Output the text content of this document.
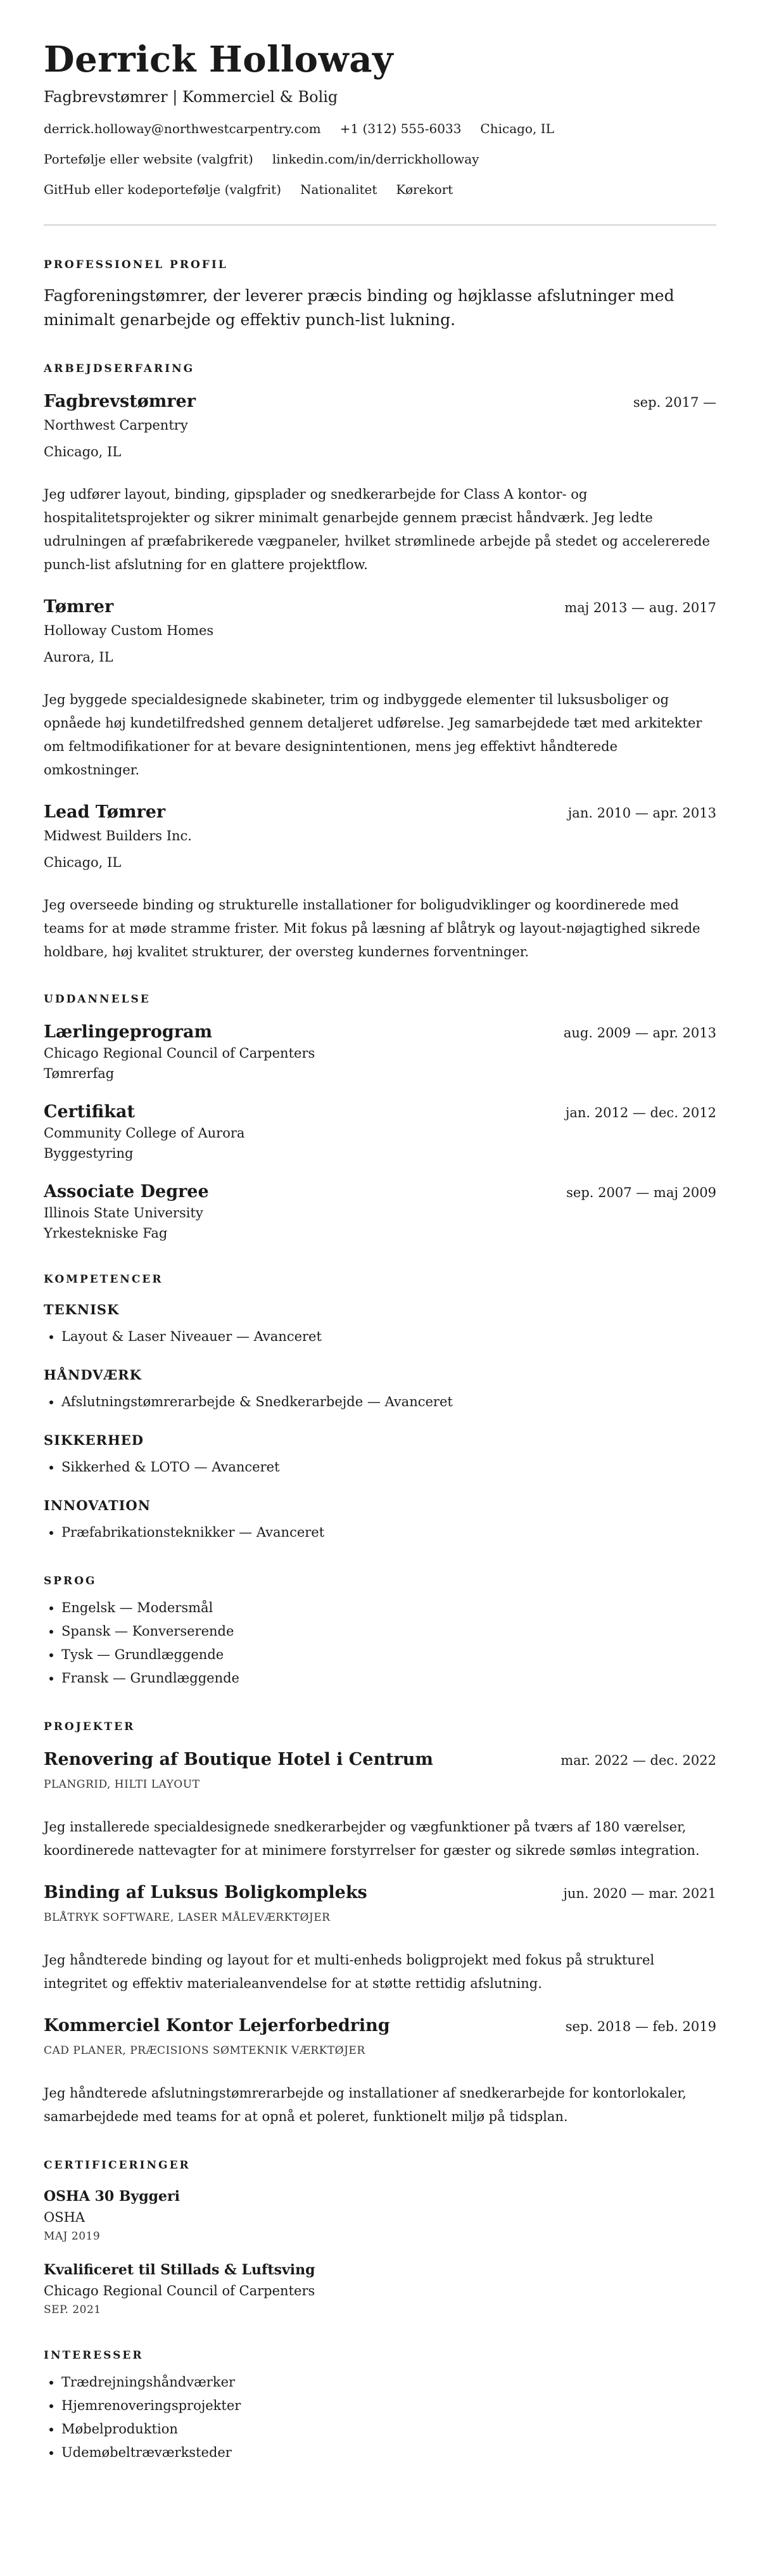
Derrick Holloway
Fagbrevstømrer | Kommerciel & Bolig
derrick.holloway@northwestcarpentry.com +1 (312) 555-6033 Chicago, IL
Portefølje eller website (valgfrit) linkedin.com/in/derrickholloway
GitHub eller kodeportefølje (valgfrit) Nationalitet Kørekort
PROFESSIONEL PROFIL
Fagforeningstømrer, der leverer præcis binding og højklasse afslutninger med minimalt genarbejde og effektiv punch-list lukning.
ARBEJDSERFARING
Fagbrevstømrer	sep. 2017 —
Northwest Carpentry
Chicago, IL
Jeg udfører layout, binding, gipsplader og snedkerarbejde for Class A kontor- og hospitalitetsprojekter og sikrer minimalt genarbejde gennem præcist håndværk. Jeg ledte udrulningen af præfabrikerede vægpaneler, hvilket strømlinede arbejde på stedet og accelererede punch-list afslutning for en glattere projektflow.
Tømrer	maj 2013 — aug. 2017
Holloway Custom Homes
Aurora, IL
Jeg byggede specialdesignede skabineter, trim og indbyggede elementer til luksusboliger og opnåede høj kundetilfredshed gennem detaljeret udførelse. Jeg samarbejdede tæt med arkitekter om feltmodifikationer for at bevare designintentionen, mens jeg effektivt håndterede omkostninger.
Lead Tømrer	jan. 2010 — apr. 2013
Midwest Builders Inc.
Chicago, IL
Jeg overseede binding og strukturelle installationer for boligudviklinger og koordinerede med teams for at møde stramme frister. Mit fokus på læsning af blåtryk og layout-nøjagtighed sikrede holdbare, høj kvalitet strukturer, der oversteg kundernes forventninger.
UDDANNELSE
Lærlingeprogram	aug. 2009 — apr. 2013
Chicago Regional Council of Carpenters
Tømrerfag
Certifikat	jan. 2012 — dec. 2012
Community College of Aurora
Byggestyring
Associate Degree	sep. 2007 — maj 2009
Illinois State University
Yrkestekniske Fag
KOMPETENCER
TEKNISK
• Layout & Laser Niveauer — Avanceret
HÅNDVÆRK
• Afslutningstømrerarbejde & Snedkerarbejde — Avanceret
SIKKERHED
• Sikkerhed & LOTO — Avanceret
INNOVATION
• Præfabrikationsteknikker — Avanceret
SPROG
• Engelsk — Modersmål
• Spansk — Konverserende
• Tysk — Grundlæggende
• Fransk — Grundlæggende
PROJEKTER
Renovering af Boutique Hotel i Centrum	mar. 2022 — dec. 2022
PLANGRID, HILTI LAYOUT
Jeg installerede specialdesignede snedkerarbejder og vægfunktioner på tværs af 180 værelser, koordinerede nattevagter for at minimere forstyrrelser for gæster og sikrede sømløs integration.
Binding af Luksus Boligkompleks	jun. 2020 — mar. 2021
BLÅTRYK SOFTWARE, LASER MÅLEVÆRKTØJER
Jeg håndterede binding og layout for et multi-enheds boligprojekt med fokus på strukturel integritet og effektiv materialeanvendelse for at støtte rettidig afslutning.
Kommerciel Kontor Lejerforbedring	sep. 2018 — feb. 2019
CAD PLANER, PRÆCISIONS SØMTEKNIK VÆRKTØJER
Jeg håndterede afslutningstømrerarbejde og installationer af snedkerarbejde for kontorlokaler, samarbejdede med teams for at opnå et poleret, funktionelt miljø på tidsplan.
CERTIFICERINGER
OSHA 30 Byggeri
OSHA
MAJ 2019
Kvalificeret til Stillads & Luftsving
Chicago Regional Council of Carpenters
SEP. 2021
INTERESSER
• Trædrejningshåndværker
• Hjemrenoveringsprojekter
• Møbelproduktion
• Udemøbeltræværksteder
